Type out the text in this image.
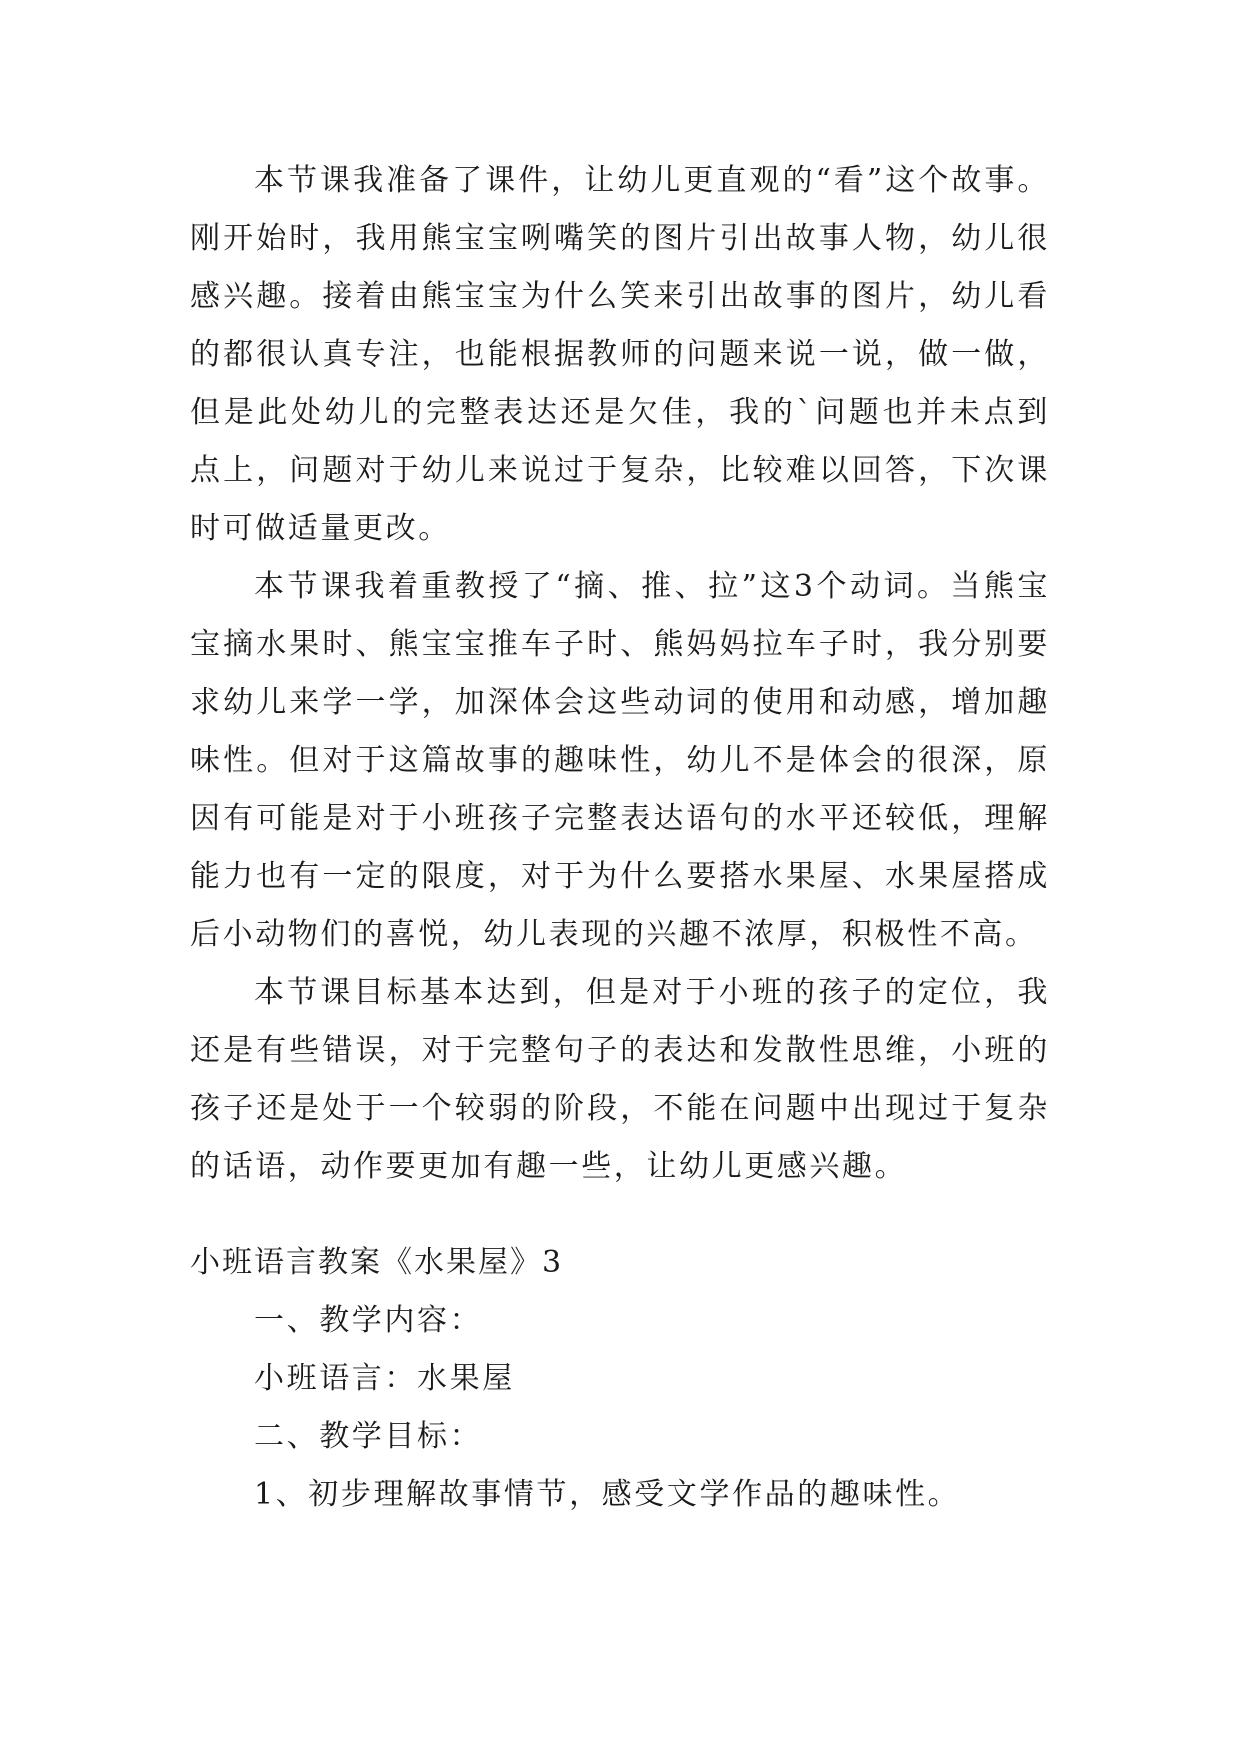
本节课我准备了课件，让幼儿更直观的“看”这个故事。刚开始时，我用熊宝宝咧嘴笑的图片引出故事人物，幼儿很感兴趣。接着由熊宝宝为什么笑来引出故事的图片，幼儿看的都很认真专注，也能根据教师的问题来说一说，做一做，但是此处幼儿的完整表达还是欠佳，我的`问题也并未点到点上，问题对于幼儿来说过于复杂，比较难以回答，下次课时可做适量更改。

本节课我着重教授了“摘、推、拉”这3个动词。当熊宝宝摘水果时、熊宝宝推车子时、熊妈妈拉车子时，我分别要求幼儿来学一学，加深体会这些动词的使用和动感，增加趣味性。但对于这篇故事的趣味性，幼儿不是体会的很深，原因有可能是对于小班孩子完整表达语句的水平还较低，理解能力也有一定的限度，对于为什么要搭水果屋、水果屋搭成后小动物们的喜悦，幼儿表现的兴趣不浓厚，积极性不高。

本节课目标基本达到，但是对于小班的孩子的定位，我还是有些错误，对于完整句子的表达和发散性思维，小班的孩子还是处于一个较弱的阶段，不能在问题中出现过于复杂的话语，动作要更加有趣一些，让幼儿更感兴趣。

小班语言教案《水果屋》3

一、教学内容：

小班语言：水果屋

二、教学目标：

1、初步理解故事情节，感受文学作品的趣味性。
